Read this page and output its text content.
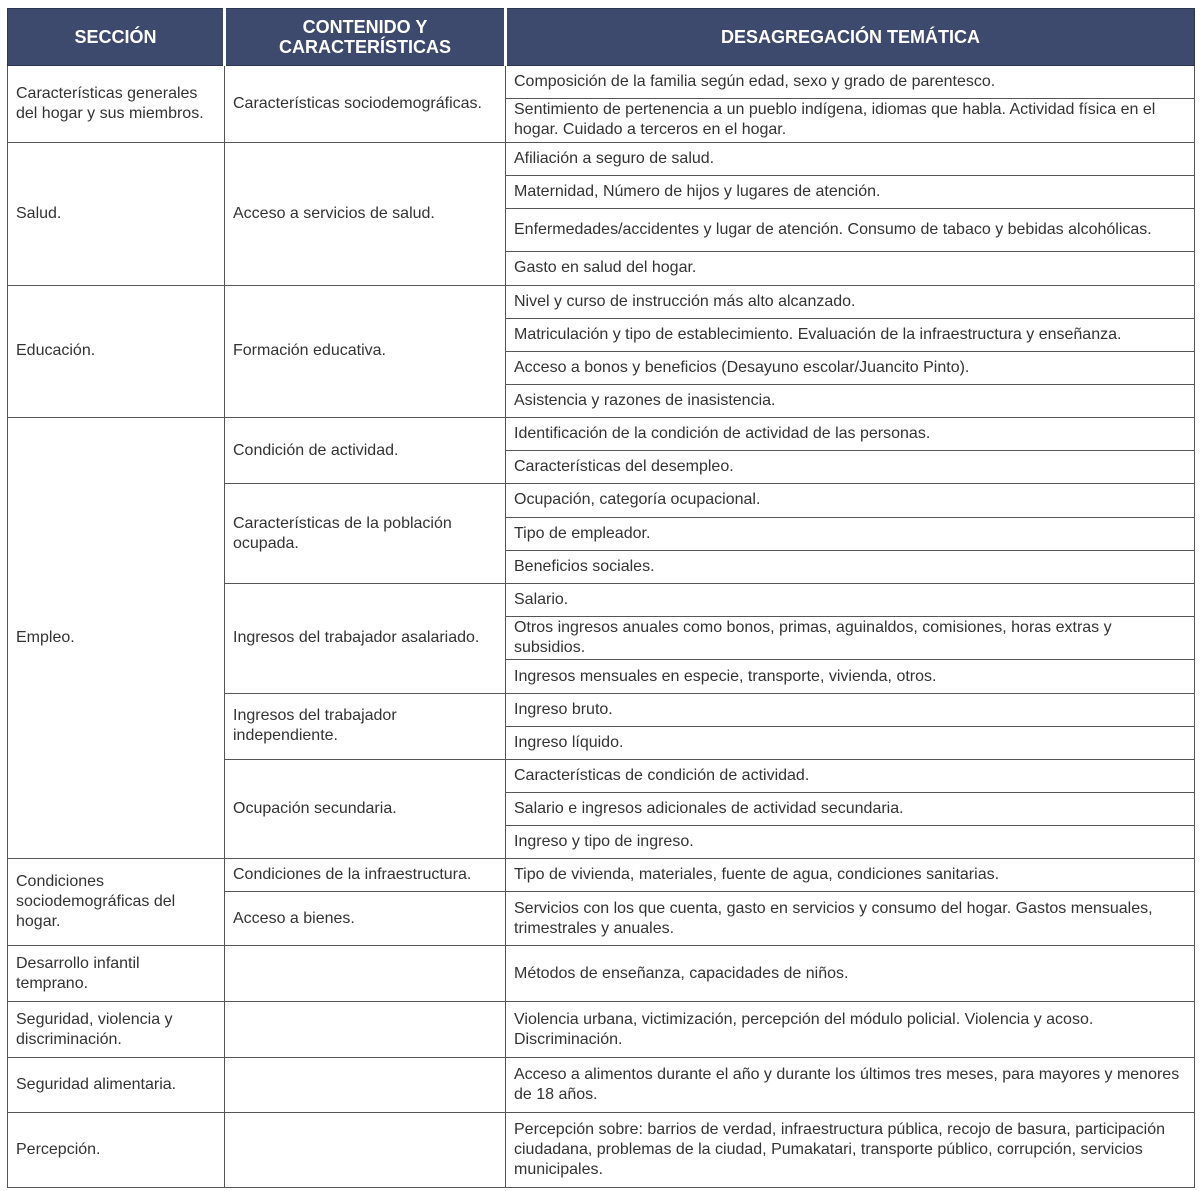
SECCIÓN	CONTENIDO Y CARACTERÍSTICAS	DESAGREGACIÓN TEMÁTICA
Características generales del hogar y sus miembros.	Características sociodemográficas.	Composición de la familia según edad, sexo y grado de parentesco.
		Sentimiento de pertenencia a un pueblo indígena, idiomas que habla. Actividad física en el hogar. Cuidado a terceros en el hogar.
Salud.	Acceso a servicios de salud.	Afiliación a seguro de salud.
		Maternidad, Número de hijos y lugares de atención.
		Enfermedades/accidentes y lugar de atención. Consumo de tabaco y bebidas alcohólicas.
		Gasto en salud del hogar.
Educación.	Formación educativa.	Nivel y curso de instrucción más alto alcanzado.
		Matriculación y tipo de establecimiento. Evaluación de la infraestructura y enseñanza.
		Acceso a bonos y beneficios (Desayuno escolar/Juancito Pinto).
		Asistencia y razones de inasistencia.
Empleo.	Condición de actividad.	Identificación de la condición de actividad de las personas.
		Características del desempleo.
	Características de la población ocupada.	Ocupación, categoría ocupacional.
		Tipo de empleador.
		Beneficios sociales.
	Ingresos del trabajador asalariado.	Salario.
		Otros ingresos anuales como bonos, primas, aguinaldos, comisiones, horas extras y subsidios.
		Ingresos mensuales en especie, transporte, vivienda, otros.
	Ingresos del trabajador independiente.	Ingreso bruto.
		Ingreso líquido.
	Ocupación secundaria.	Características de condición de actividad.
		Salario e ingresos adicionales de actividad secundaria.
		Ingreso y tipo de ingreso.
Condiciones sociodemográficas del hogar.	Condiciones de la infraestructura.	Tipo de vivienda, materiales, fuente de agua, condiciones sanitarias.
	Acceso a bienes.	Servicios con los que cuenta, gasto en servicios y consumo del hogar. Gastos mensuales, trimestrales y anuales.
Desarrollo infantil temprano.		Métodos de enseñanza, capacidades de niños.
Seguridad, violencia y discriminación.		Violencia urbana, victimización, percepción del módulo policial. Violencia y acoso. Discriminación.
Seguridad alimentaria.		Acceso a alimentos durante el año y durante los últimos tres meses, para mayores y menores de 18 años.
Percepción.		Percepción sobre: barrios de verdad, infraestructura pública, recojo de basura, participación ciudadana, problemas de la ciudad, Pumakatari, transporte público, corrupción, servicios municipales.
